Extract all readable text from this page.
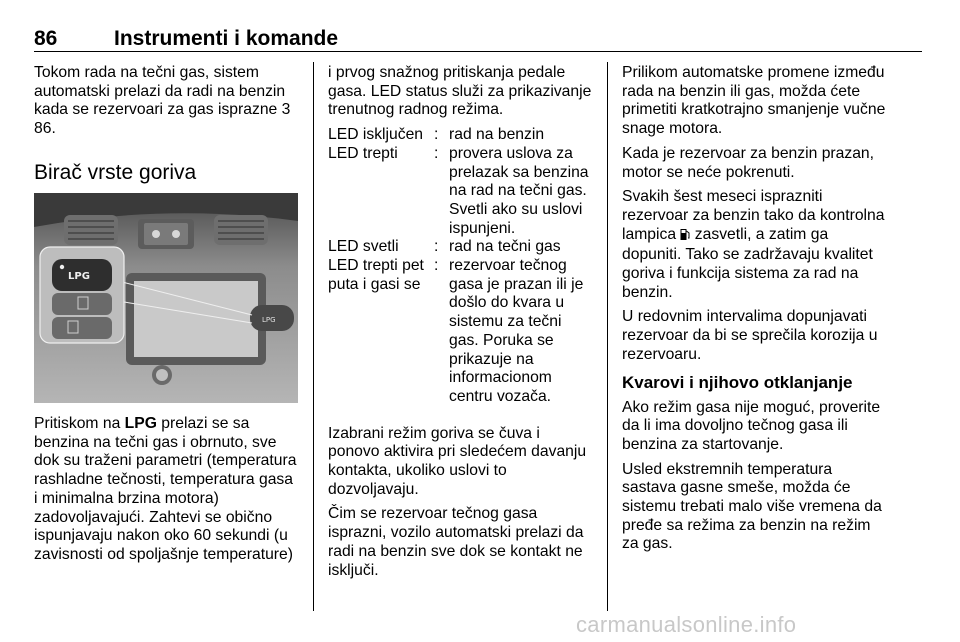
86	Instrumenti i komande

Tokom rada na tečni gas, sistem automatski prelazi da radi na benzin kada se rezervoari za gas isprazne 3 86.

Birač vrste goriva
LPG
LPG

Pritiskom na LPG prelazi se sa benzina na tečni gas i obrnuto, sve dok su traženi parametri (temperatura rashladne tečnosti, temperatura gasa i minimalna brzina motora) zadovoljavajući. Zahtevi se obično ispunjavaju nakon oko 60 sekundi (u zavisnosti od spoljašnje temperature)

i prvog snažnog pritiskanja pedale gasa. LED status služi za prikazivanje trenutnog radnog režima.

LED isključen : rad na benzin
LED trepti	: provera uslova za prelazak sa benzina na rad na tečni gas. Svetli ako su uslovi ispunjeni.
LED svetli	: rad na tečni gas
LED trepti pet puta i gasi se
: rezervoar tečnog gasa je prazan ili je došlo do kvara u sistemu za tečni gas. Poruka se prikazuje na informacionom centru vozača.

Izabrani režim goriva se čuva i ponovo aktivira pri sledećem davanju kontakta, ukoliko uslovi to dozvoljavaju.

Čim se rezervoar tečnog gasa isprazni, vozilo automatski prelazi da radi na benzin sve dok se kontakt ne isključi.

Prilikom automatske promene između rada na benzin ili gas, možda ćete primetiti kratkotrajno smanjenje vučne snage motora.

Kada je rezervoar za benzin prazan, motor se neće pokrenuti.

Svakih šest meseci isprazniti rezervoar za benzin tako da kontrolna lampica  zasvetli, a zatim ga dopuniti. Tako se zadržavaju kvalitet goriva i funkcija sistema za rad na benzin.

U redovnim intervalima dopunjavati rezervoar da bi se sprečila korozija u rezervoaru.

Kvarovi i njihovo otklanjanje

Ako režim gasa nije moguć, proverite da li ima dovoljno tečnog gasa ili benzina za startovanje.

Usled ekstremnih temperatura sastava gasne smeše, možda će sistemu trebati malo više vremena da pređe sa režima za benzin na režim za gas.

carmanualsonline.info
